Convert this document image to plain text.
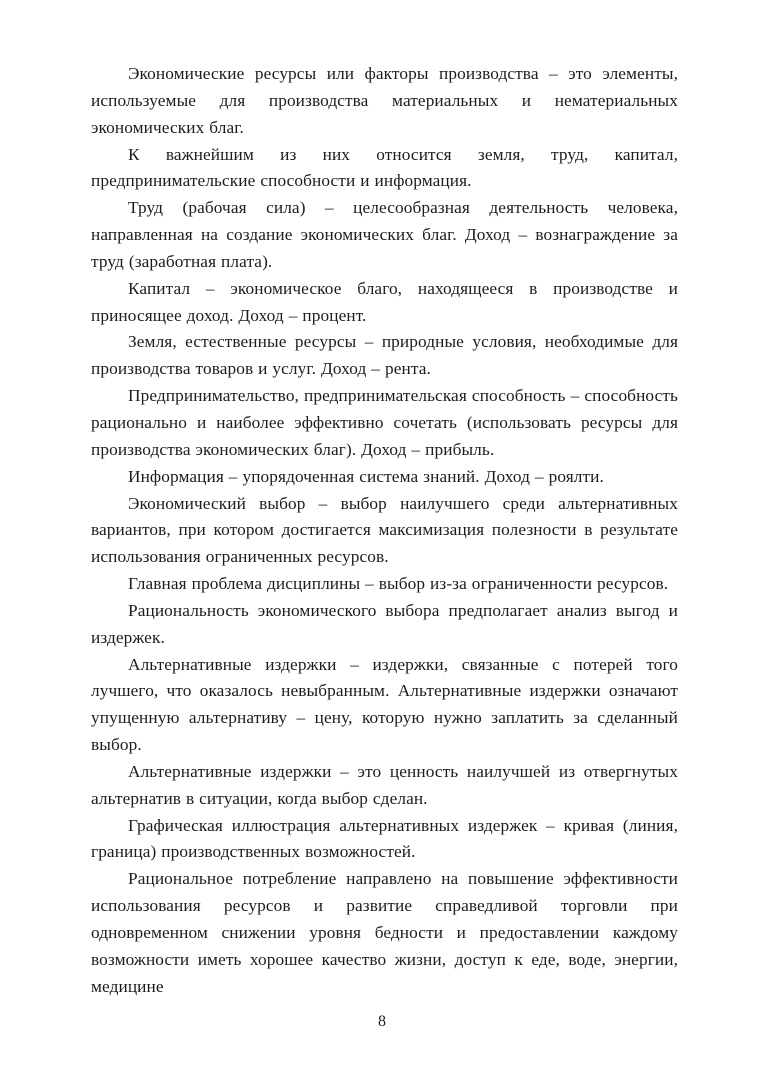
Экономические ресурсы или факторы производства – это элементы, используемые для производства материальных и нематериальных экономических благ.

К важнейшим из них относится земля, труд, капитал, предпринимательские способности и информация.

Труд (рабочая сила) – целесообразная деятельность человека, направленная на создание экономических благ. Доход – вознаграждение за труд (заработная плата).

Капитал – экономическое благо, находящееся в производстве и приносящее доход. Доход – процент.

Земля, естественные ресурсы – природные условия, необходимые для производства товаров и услуг. Доход – рента.

Предпринимательство, предпринимательская способность – способность рационально и наиболее эффективно сочетать (использовать ресурсы для производства экономических благ). Доход – прибыль.

Информация – упорядоченная система знаний. Доход – роялти.

Экономический выбор – выбор наилучшего среди альтернативных вариантов, при котором достигается максимизация полезности в результате использования ограниченных ресурсов.

Главная проблема дисциплины – выбор из-за ограниченности ресурсов.

Рациональность экономического выбора предполагает анализ выгод и издержек.

Альтернативные издержки – издержки, связанные с потерей того лучшего, что оказалось невыбранным. Альтернативные издержки означают упущенную альтернативу – цену, которую нужно заплатить за сделанный выбор.

Альтернативные издержки – это ценность наилучшей из отвергнутых альтернатив в ситуации, когда выбор сделан.

Графическая иллюстрация альтернативных издержек – кривая (линия, граница) производственных возможностей.

Рациональное потребление направлено на повышение эффективности использования ресурсов и развитие справедливой торговли при одновременном снижении уровня бедности и предоставлении каждому возможности иметь хорошее качество жизни, доступ к еде, воде, энергии, медицине

8
